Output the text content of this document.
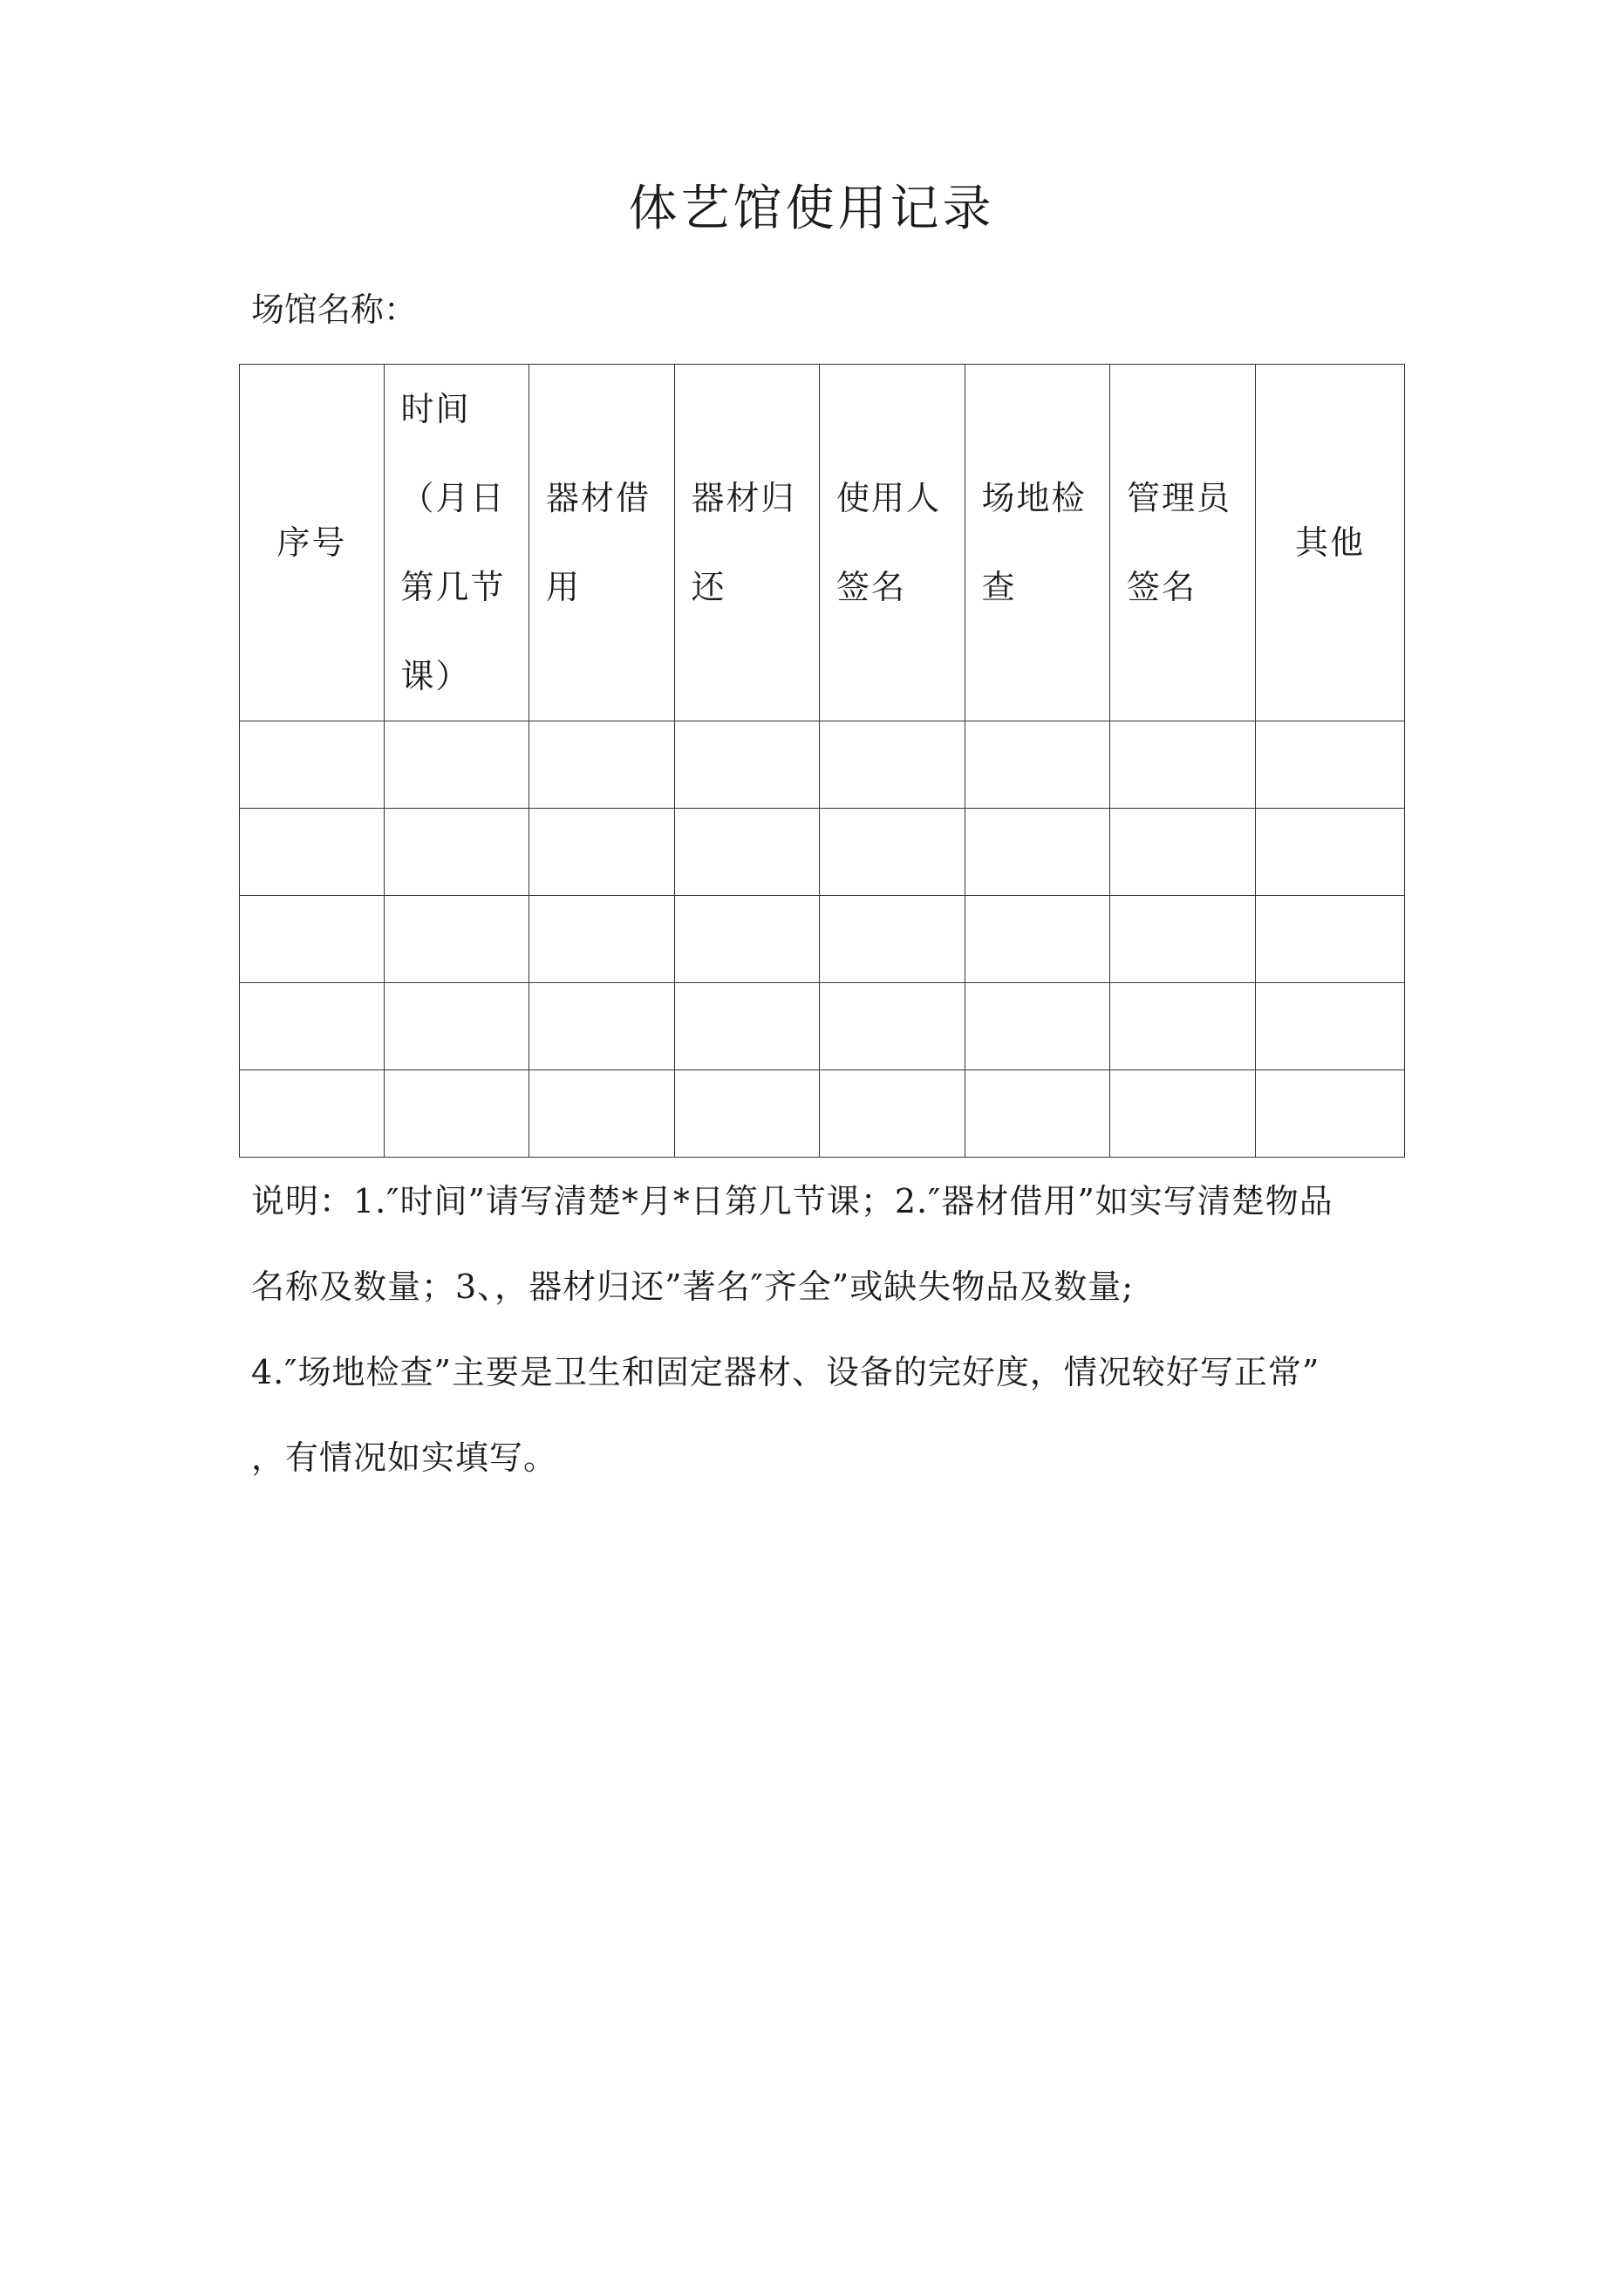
体艺馆使用记录
场馆名称：
序号	时间（月日第几节课）	器材借用	器材归还	使用人签名	场地检查	管理员签名	其他

说明：1.″时间”请写清楚*月*日第几节课；2.″器材借用”如实写清楚物品

名称及数量；3、，器材归还”著名″齐全”或缺失物品及数量;

4.″场地检查”主要是卫生和固定器材、设备的完好度，情况较好写正常”

，有情况如实填写。
